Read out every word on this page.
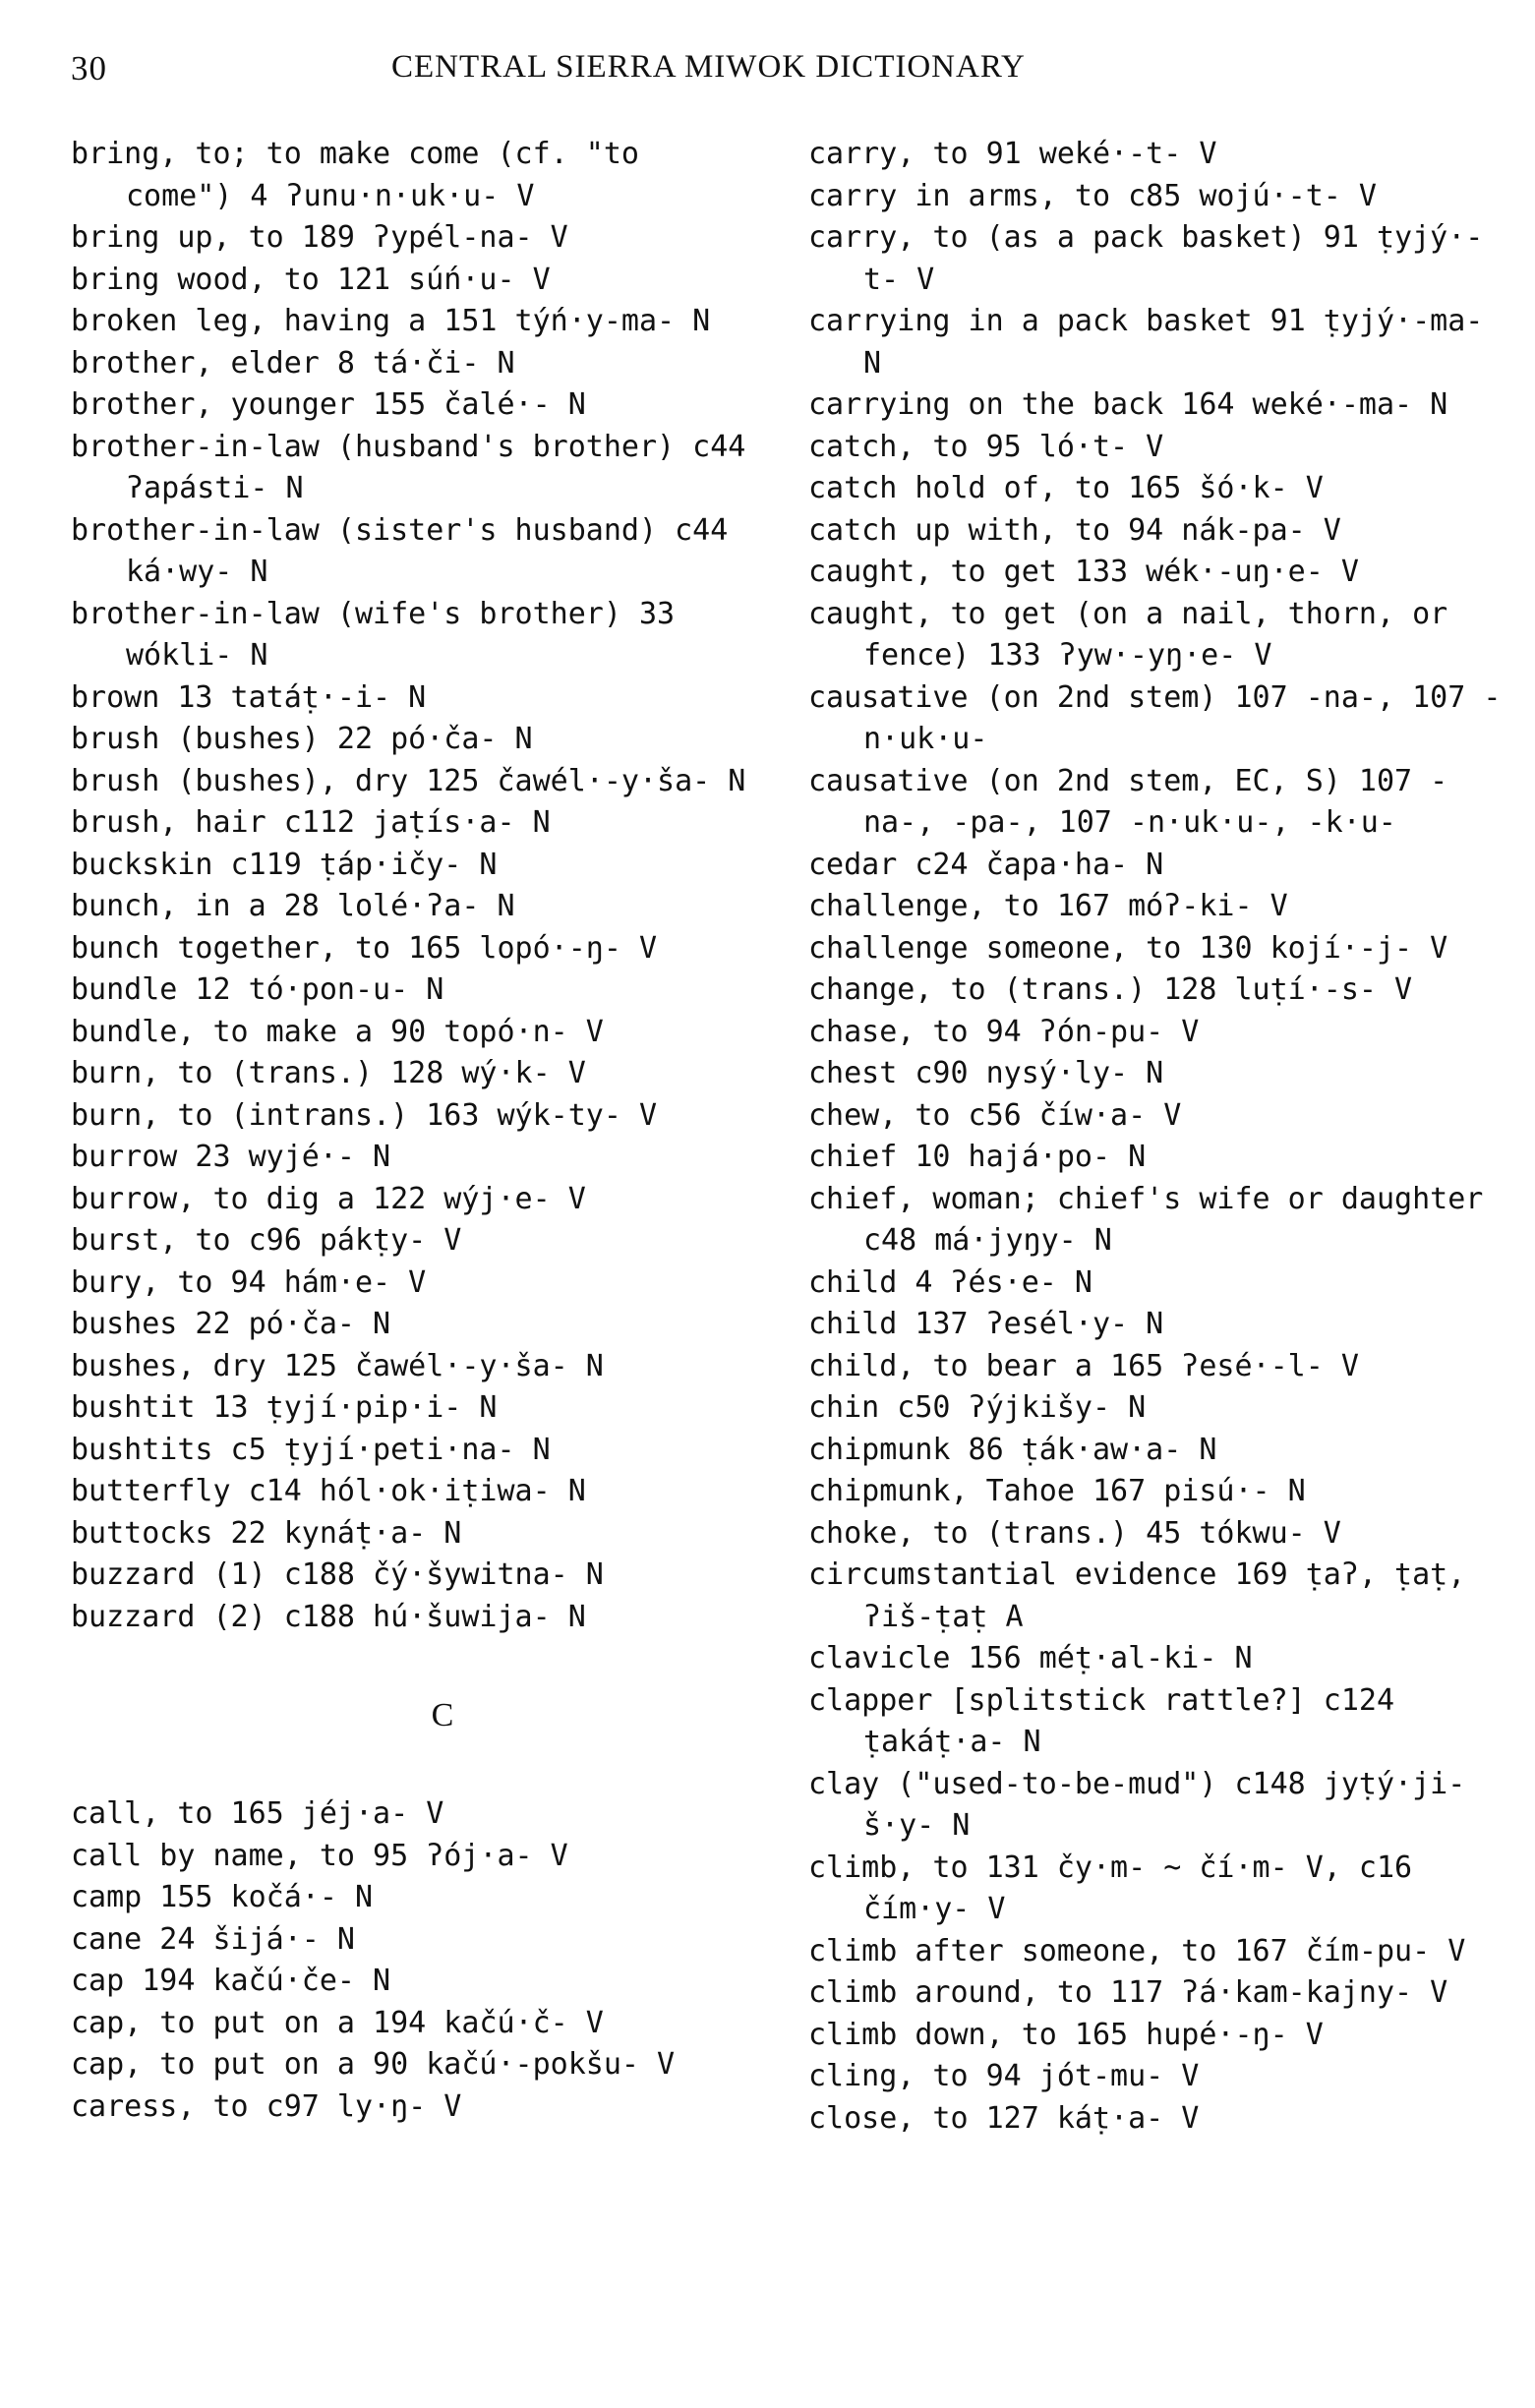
30	CENTRAL SIERRA MIWOK DICTIONARY
bring, to; to make come (cf. "to come") 4 ʔunu·n·uk·u- V
bring up, to 189 ʔypél-na- V
bring wood, to 121 sú́n·u- V
broken leg, having a 151 tý́n·y-ma- N
brother, elder 8 tá·či- N
brother, younger 155 čalé·- N
brother-in-law (husband's brother) c44 ʔapásti- N
brother-in-law (sister's husband) c44 ká·wy- N
brother-in-law (wife's brother) 33 wókli- N
brown 13 tatáṭ·-i- N
brush (bushes) 22 pó·ča- N
brush (bushes), dry 125 čawél·-y·ša- N
brush, hair c112 jaṭís·a- N
buckskin c119 ṭáp·ičy- N
bunch, in a 28 lolé·ʔa- N
bunch together, to 165 lopó·-ŋ- V
bundle 12 tó·pon-u- N
bundle, to make a 90 topó·n- V
burn, to (trans.) 128 wý·k- V
burn, to (intrans.) 163 wýk-ty- V
burrow 23 wyjé·- N
burrow, to dig a 122 wýj·e- V
burst, to c96 pákṭy- V
bury, to 94 hám·e- V
bushes 22 pó·ča- N
bushes, dry 125 čawél·-y·ša- N
bushtit 13 ṭyjí·pip·i- N
bushtits c5 ṭyjí·peti·na- N
butterfly c14 hól·ok·iṭiwa- N
buttocks 22 kynáṭ·a- N
buzzard (1) c188 čý·šywitna- N
buzzard (2) c188 hú·šuwija- N
C
call, to 165 jéj·a- V
call by name, to 95 ʔój·a- V
camp 155 kočá·- N
cane 24 šijá·- N
cap 194 kačú·če- N
cap, to put on a 194 kačú·č- V
cap, to put on a 90 kačú·-pokšu- V
caress, to c97 ly·ŋ- V
carry, to 91 weké·-t- V
carry in arms, to c85 wojú·-t- V
carry, to (as a pack basket) 91 ṭyjý·-t- V
carrying in a pack basket 91 ṭyjý·-ma- N
carrying on the back 164 weké·-ma- N
catch, to 95 ló·t- V
catch hold of, to 165 šó·k- V
catch up with, to 94 nák-pa- V
caught, to get 133 wék·-uŋ·e- V
caught, to get (on a nail, thorn, or fence) 133 ʔyw·-yŋ·e- V
causative (on 2nd stem) 107 -na-, 107 -n·uk·u-
causative (on 2nd stem, EC, S) 107 -na-, -pa-, 107 -n·uk·u-, -k·u-
cedar c24 čapa·ha- N
challenge, to 167 móʔ-ki- V
challenge someone, to 130 kojí·-j- V
change, to (trans.) 128 luṭí·-s- V
chase, to 94 ʔón-pu- V
chest c90 nysý·ly- N
chew, to c56 číw·a- V
chief 10 hajá·po- N
chief, woman; chief's wife or daughter c48 má·jyŋy- N
child 4 ʔés·e- N
child 137 ʔesél·y- N
child, to bear a 165 ʔesé·-l- V
chin c50 ʔýjkišy- N
chipmunk 86 ṭák·aw·a- N
chipmunk, Tahoe 167 pisú·- N
choke, to (trans.) 45 tókwu- V
circumstantial evidence 169 ṭaʔ, ṭaṭ, ʔiš-ṭaṭ A
clavicle 156 méṭ·al-ki- N
clapper [splitstick rattle?] c124 ṭakáṭ·a- N
clay ("used-to-be-mud") c148 jyṭý·ji-š·y- N
climb, to 131 čy·m- ~ čí·m- V, c16 čím·y- V
climb after someone, to 167 čím-pu- V
climb around, to 117 ʔá·kam-kajny- V
climb down, to 165 hupé·-ŋ- V
cling, to 94 jót-mu- V
close, to 127 káṭ·a- V
